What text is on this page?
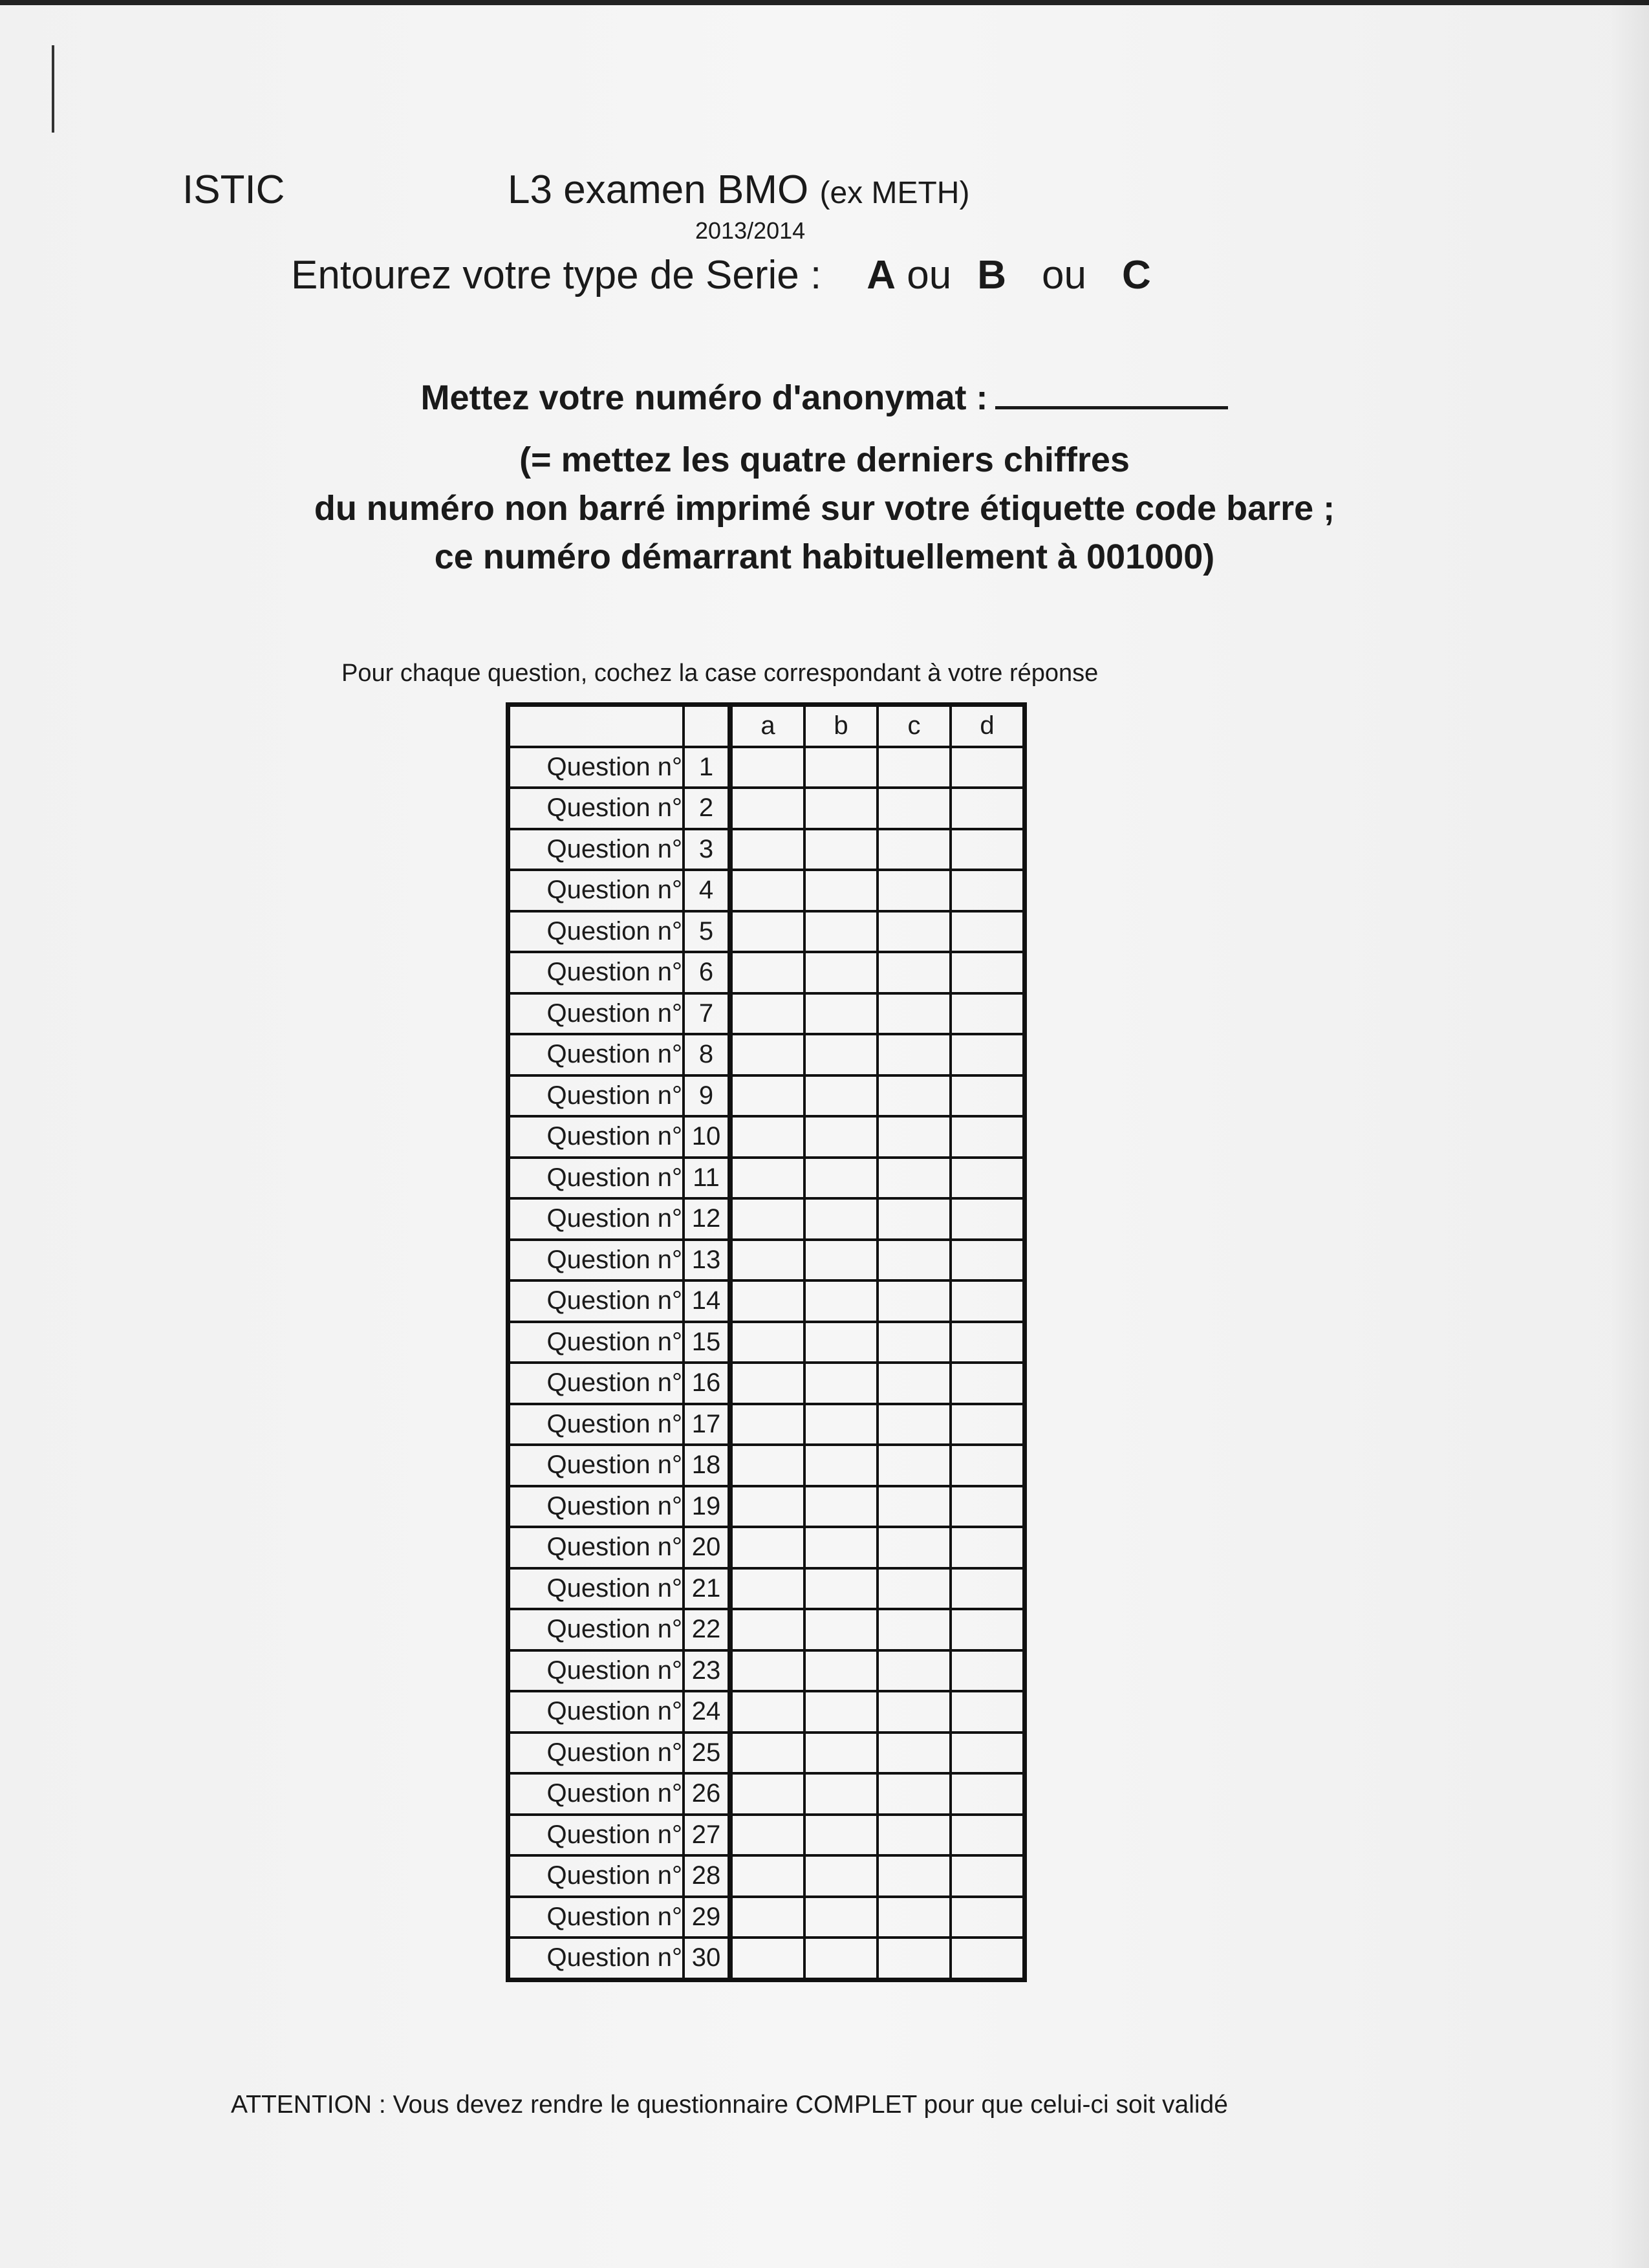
ISTIC	L3 examen BMO (ex METH)
2013/2014
Entourez votre type de Serie : A ou B ou C
Mettez votre numéro d'anonymat :
(= mettez les quatre derniers chiffres
du numéro non barré imprimé sur votre étiquette code barre ;
ce numéro démarrant habituellement à 001000)
Pour chaque question, cochez la case correspondant à votre réponse
		a	b	c	d
Question n°	1				
Question n°	2				
Question n°	3				
Question n°	4				
Question n°	5				
Question n°	6				
Question n°	7				
Question n°	8				
Question n°	9				
Question n°	10				
Question n°	11				
Question n°	12				
Question n°	13				
Question n°	14				
Question n°	15				
Question n°	16				
Question n°	17				
Question n°	18				
Question n°	19				
Question n°	20				
Question n°	21				
Question n°	22				
Question n°	23				
Question n°	24				
Question n°	25				
Question n°	26				
Question n°	27				
Question n°	28				
Question n°	29				
Question n°	30				
ATTENTION : Vous devez rendre le questionnaire COMPLET pour que celui-ci soit validé
